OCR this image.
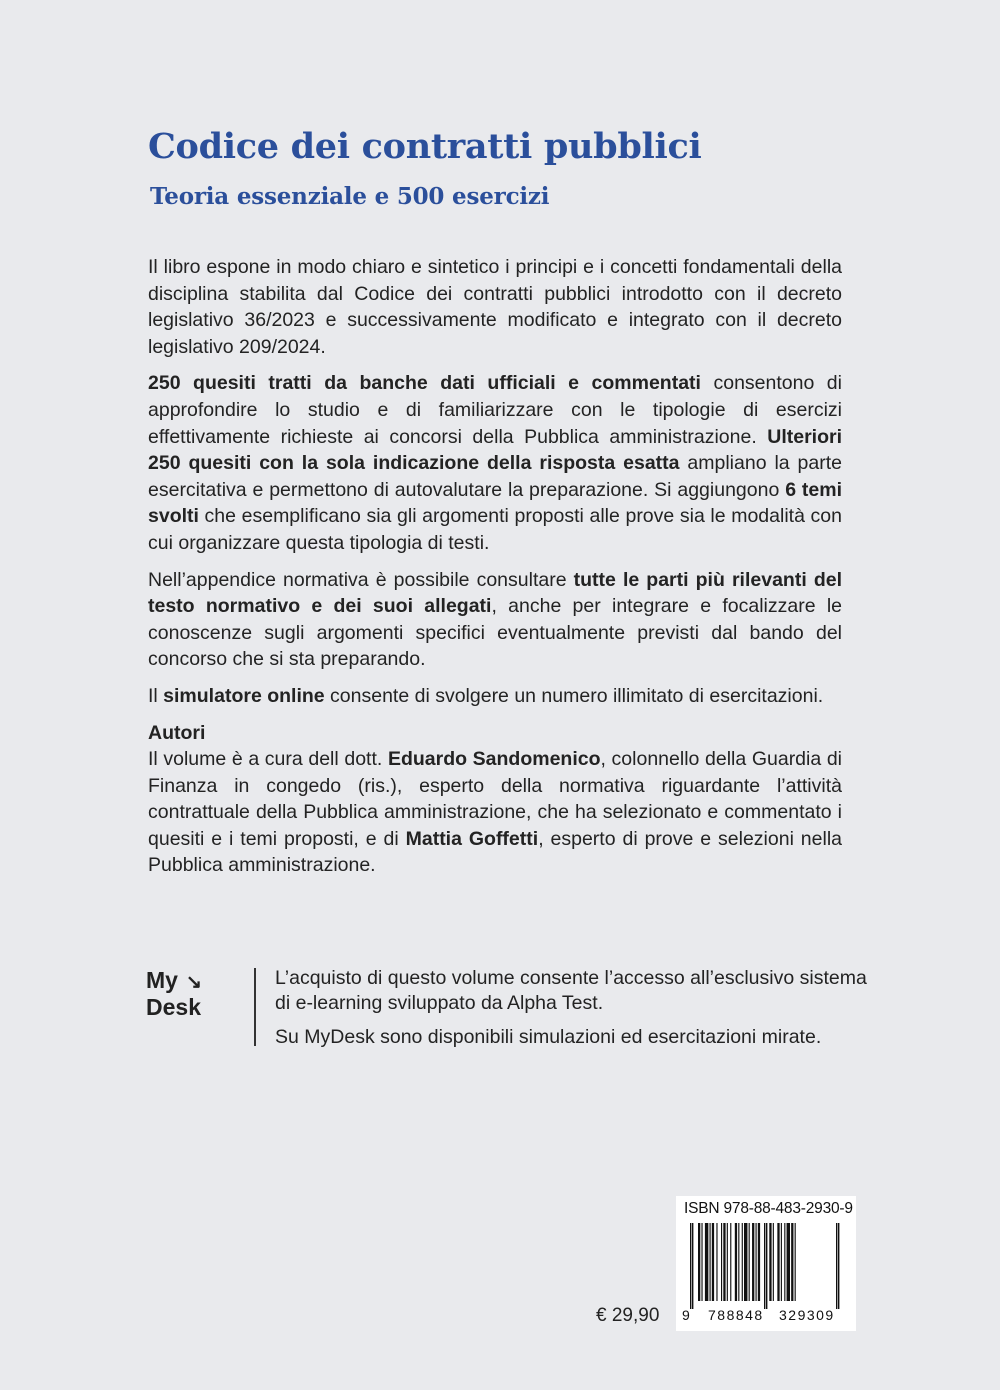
Codice dei contratti pubblici
Teoria essenziale e 500 esercizi

Il libro espone in modo chiaro e sintetico i principi e i concetti fondamentali della disciplina stabilita dal Codice dei contratti pubblici introdotto con il decreto legislativo 36/2023 e successivamente modificato e integrato con il decreto legislativo 209/2024.

250 quesiti tratti da banche dati ufficiali e commentati consentono di approfondire lo studio e di familiarizzare con le tipologie di esercizi effettivamente richieste ai concorsi della Pubblica amministrazione. Ulteriori 250 quesiti con la sola indicazione della risposta esatta ampliano la parte esercitativa e permettono di autovalutare la preparazione. Si aggiungono 6 temi svolti che esemplificano sia gli argomenti proposti alle prove sia le modalità con cui organizzare questa tipologia di testi.

Nell’appendice normativa è possibile consultare tutte le parti più rilevanti del testo normativo e dei suoi allegati, anche per integrare e focalizzare le conoscenze sugli argomenti specifici eventualmente previsti dal bando del concorso che si sta preparando.

Il simulatore online consente di svolgere un numero illimitato di esercitazioni.

Autori
Il volume è a cura dell dott. Eduardo Sandomenico, colonnello della Guardia di Finanza in congedo (ris.), esperto della normativa riguardante l’attività contrattuale della Pubblica amministrazione, che ha selezionato e commentato i quesiti e i temi proposti, e di Mattia Goffetti, esperto di prove e selezioni nella Pubblica amministrazione.

My ↘
Desk

L’acquisto di questo volume consente l’accesso all’esclusivo sistema di e-learning sviluppato da Alpha Test.

Su MyDesk sono disponibili simulazioni ed esercitazioni mirate.

€ 29,90
ISBN 978-88-483-2930-9
9 788848 329309
